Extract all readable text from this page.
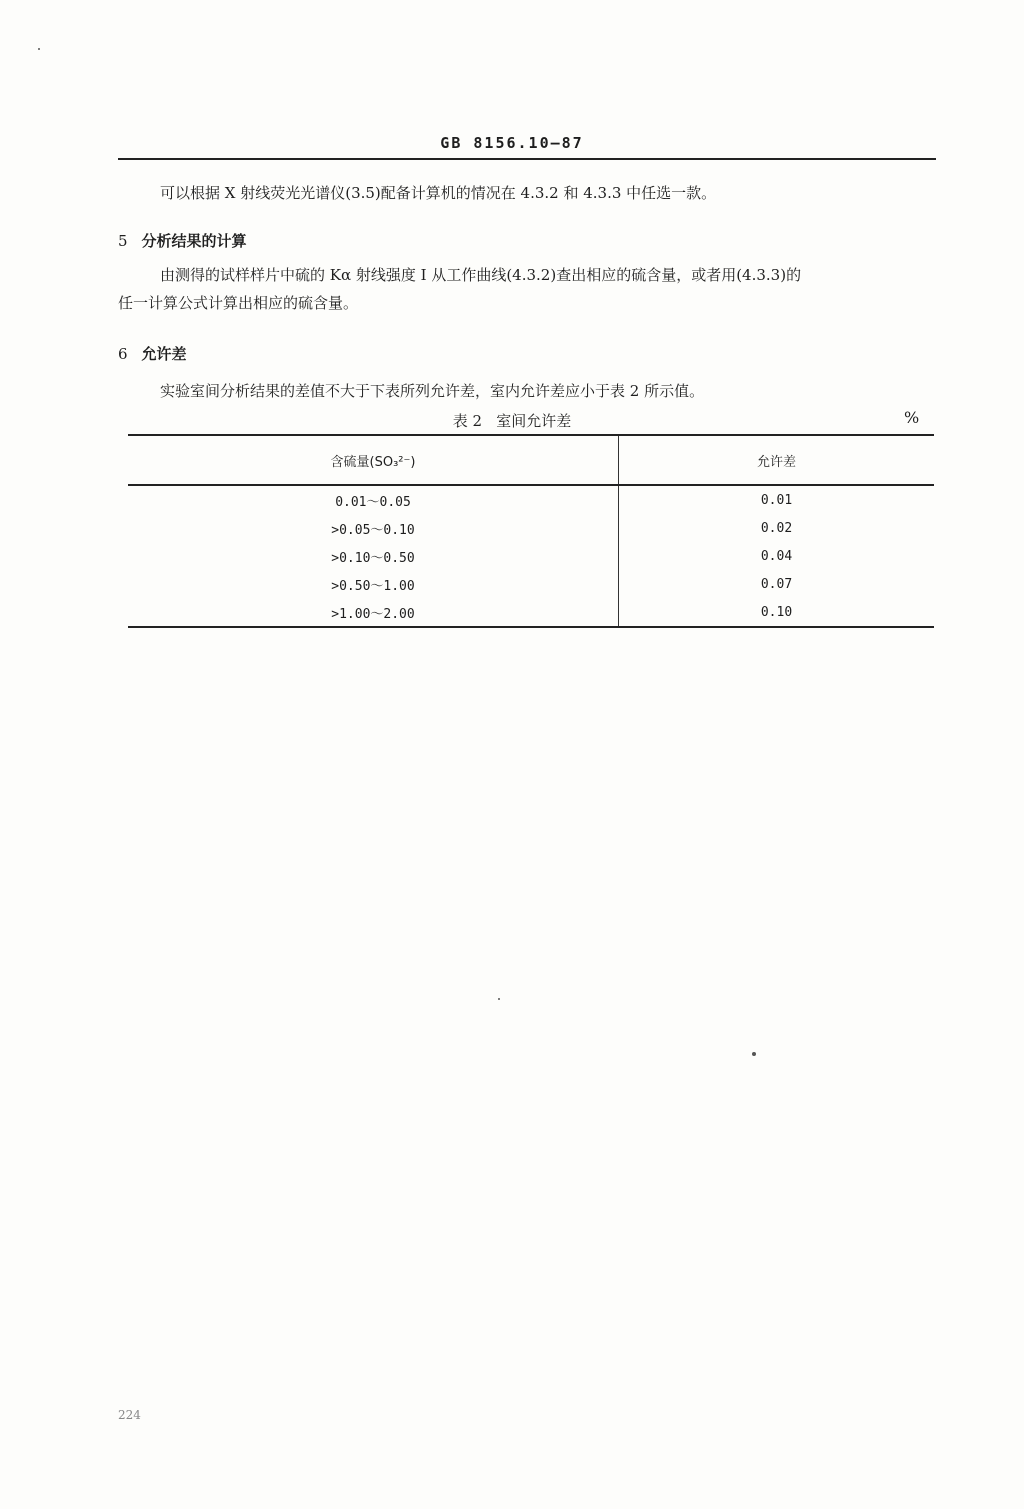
GB 8156.10—87
可以根据 X 射线荧光光谱仪(3.5)配备计算机的情况在 4.3.2 和 4.3.3 中任选一款。
5 分析结果的计算
由测得的试样样片中硫的 Kα 射线强度 I 从工作曲线(4.3.2)查出相应的硫含量，或者用(4.3.3)的
任一计算公式计算出相应的硫含量。
6 允许差
实验室间分析结果的差值不大于下表所列允许差，室内允许差应小于表 2 所示值。
表 2   室间允许差	%
含硫量(SO₃²⁻)	允许差
0.01～0.05	0.01
>0.05～0.10	0.02
>0.10～0.50	0.04
>0.50～1.00	0.07
>1.00～2.00	0.10
224
